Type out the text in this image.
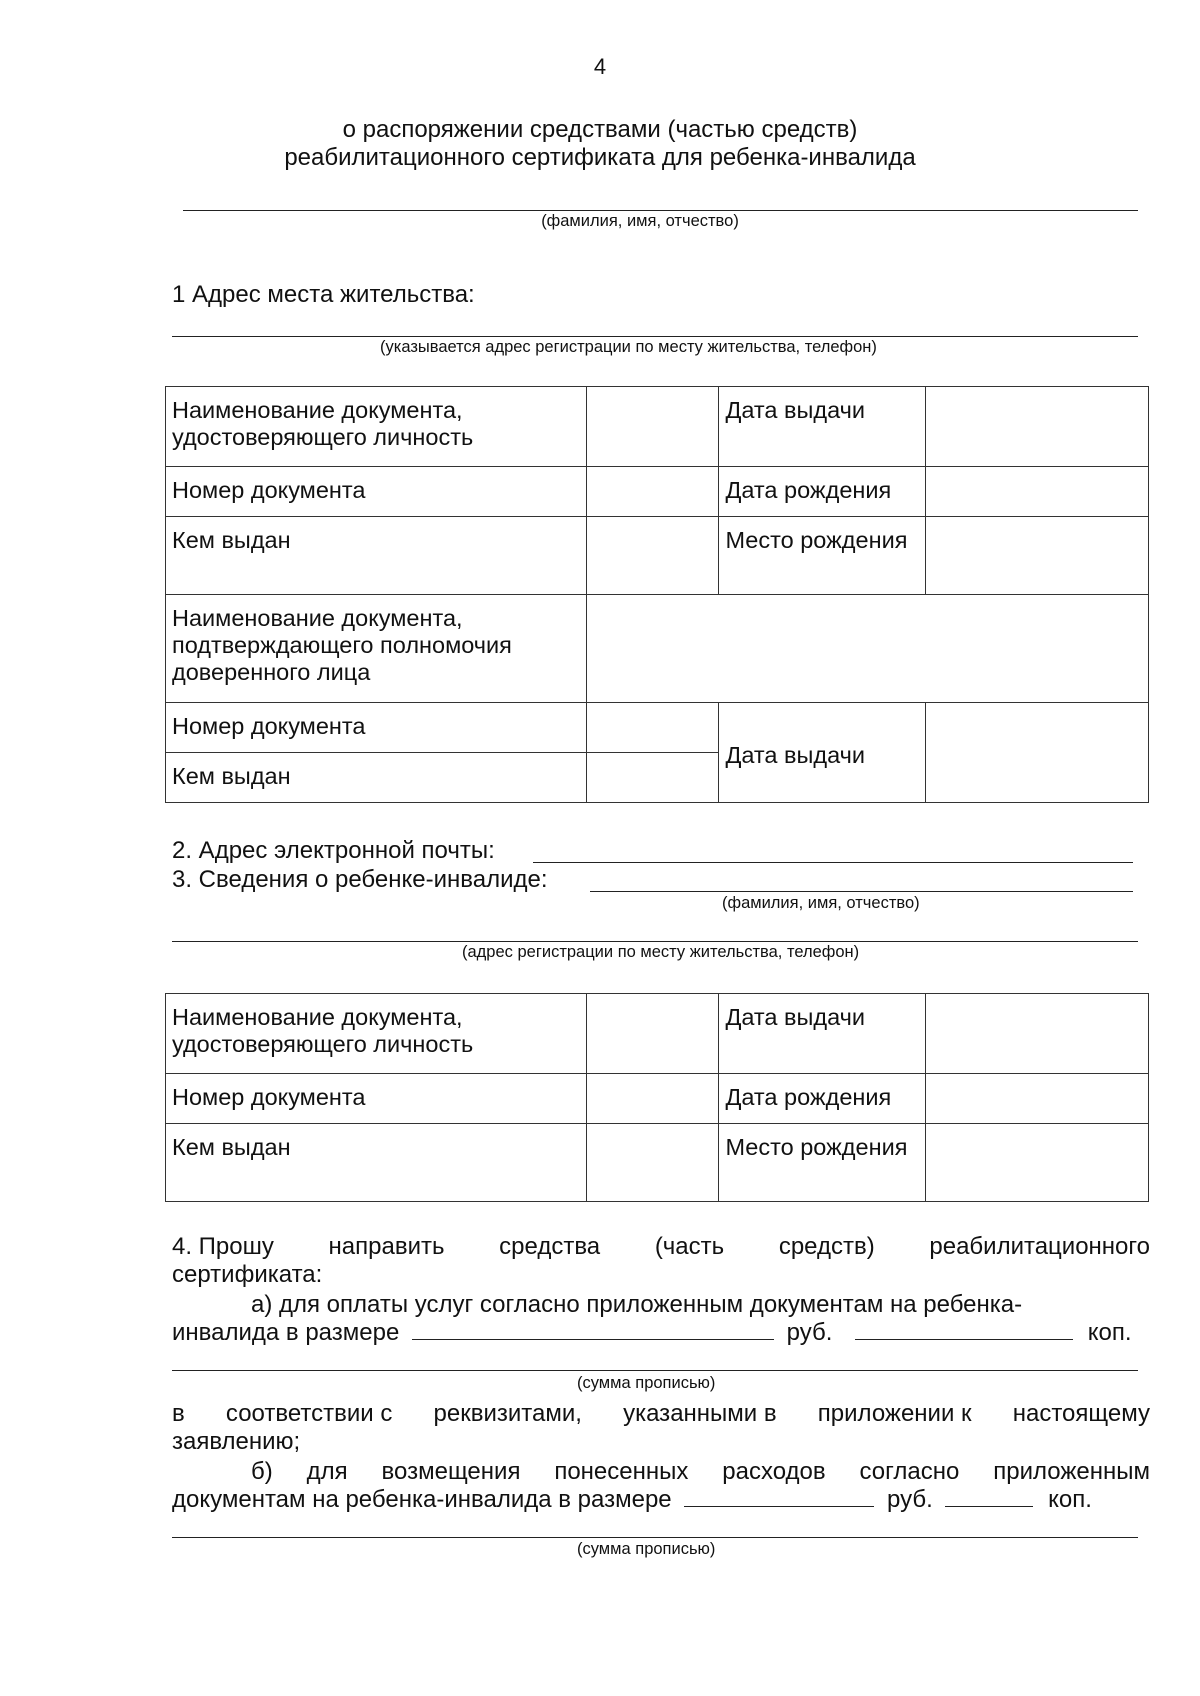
4
о распоряжении средствами (частью средств)
реабилитационного сертификата для ребенка-инвалида
(фамилия, имя, отчество)
1 Адрес места жительства:
(указывается адрес регистрации по месту жительства, телефон)
Наименование документа, удостоверяющего личность		Дата выдачи	
Номер документа		Дата рождения	
Кем выдан		Место рождения	
Наименование документа, подтверждающего полномочия доверенного лица			
Номер документа		Дата выдачи	
Кем выдан			
2. Адрес электронной почты:
3. Сведения о ребенке-инвалиде:
(фамилия, имя, отчество)
(адрес регистрации по месту жительства, телефон)
Наименование документа, удостоверяющего личность		Дата выдачи	
Номер документа		Дата рождения	
Кем выдан		Место рождения	
4. Прошу направить средства (часть средств) реабилитационного
сертификата:
а) для оплаты услуг согласно приложенным документам на ребенка-
инвалида в размере	руб.	коп.
(сумма прописью)
в соответствии с реквизитами, указанными в приложении к настоящему
заявлению;
б) для возмещения понесенных расходов согласно приложенным
документам на ребенка-инвалида в размере	руб.	коп.
(сумма прописью)
